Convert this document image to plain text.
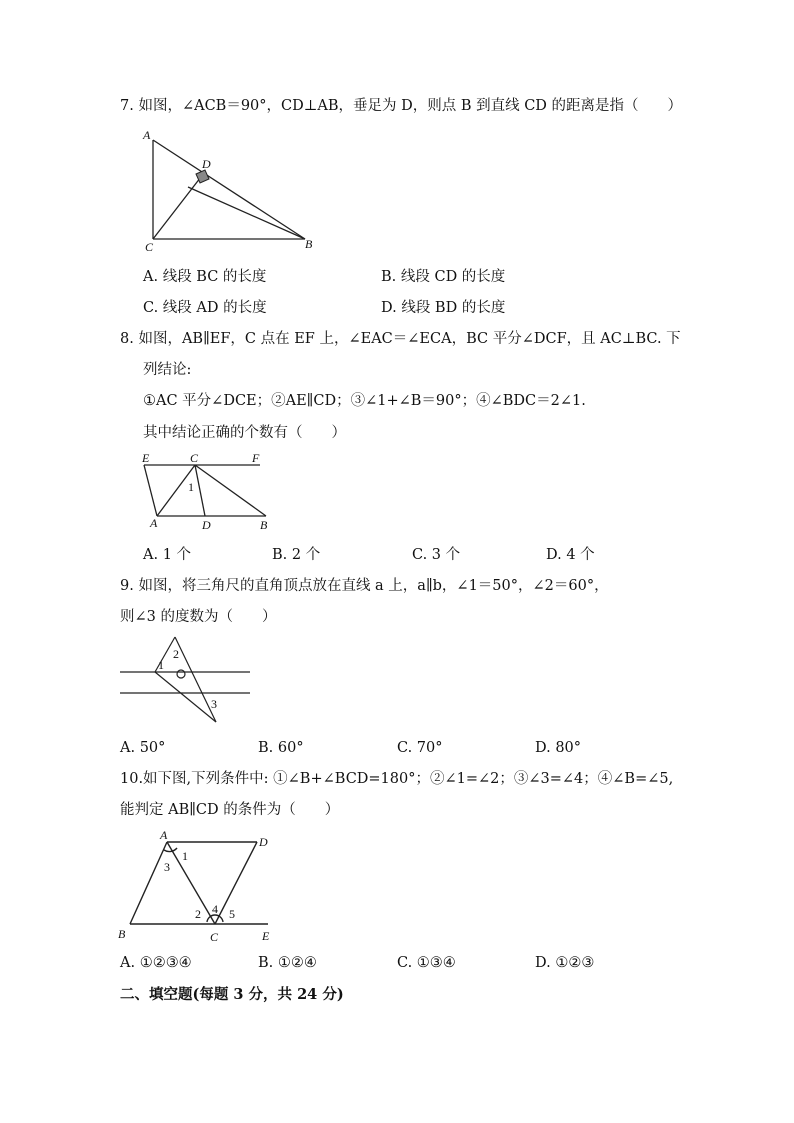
7. 如图，∠ACB＝90°，CD⊥AB，垂足为 D，则点 B 到直线 CD 的距离是指（　　）
A
D
C	B
A. 线段 BC 的长度	B. 线段 CD 的长度
C. 线段 AD 的长度	D. 线段 BD 的长度
8. 如图，AB∥EF，C 点在 EF 上，∠EAC＝∠ECA，BC 平分∠DCF，且 AC⊥BC. 下
列结论:
①AC 平分∠DCE；②AE∥CD；③∠1+∠B＝90°；④∠BDC＝2∠1.
其中结论正确的个数有（　　）
E	C	F
1
A	D	B
A. 1 个	B. 2 个	C. 3 个	D. 4 个
9. 如图，将三角尺的直角顶点放在直线 a 上，a∥b，∠1＝50°，∠2＝60°，
则∠3 的度数为（　　）
1
2
3
A. 50°	B. 60°	C. 70°	D. 80°
10.如下图,下列条件中: ①∠B+∠BCD=180°；②∠1=∠2；③∠3=∠4；④∠B=∠5,
能判定 AB∥CD 的条件为（　　）
A	D
1
3
2 4 5
B	C	E
A. ①②③④	B. ①②④	C. ①③④	D. ①②③
二、填空题(每题 3 分，共 24 分)
